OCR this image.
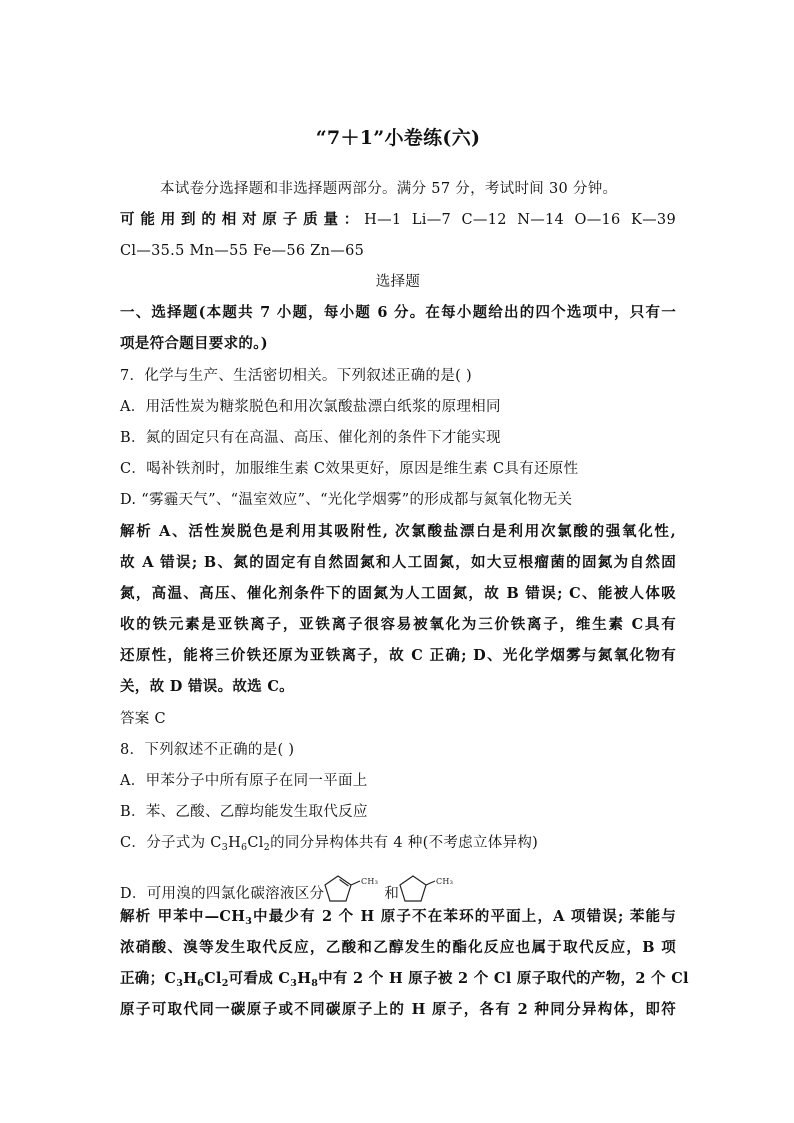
“7＋1”小卷练(六)
本试卷分选择题和非选择题两部分。满分 57 分，考试时间 30 分钟。
可能用到的相对原子质量：H—1 Li—7 C—12 N—14 O—16 K—39
Cl—35.5 Mn—55 Fe—56 Zn—65
选择题
一、选择题(本题共 7 小题，每小题 6 分。在每小题给出的四个选项中，只有一
项是符合题目要求的。)
7．化学与生产、生活密切相关。下列叙述正确的是( )
A．用活性炭为糖浆脱色和用次氯酸盐漂白纸浆的原理相同
B．氮的固定只有在高温、高压、催化剂的条件下才能实现
C．喝补铁剂时，加服维生素 C效果更好，原因是维生素 C具有还原性
D. “雾霾天气”、“温室效应”、“光化学烟雾”的形成都与氮氧化物无关
解析 A、活性炭脱色是利用其吸附性, 次氯酸盐漂白是利用次氯酸的强氧化性,
故 A 错误; B、氮的固定有自然固氮和人工固氮，如大豆根瘤菌的固氮为自然固
氮，高温、高压、催化剂条件下的固氮为人工固氮，故 B 错误; C、能被人体吸
收的铁元素是亚铁离子，亚铁离子很容易被氧化为三价铁离子，维生素 C具有
还原性，能将三价铁还原为亚铁离子，故 C 正确; D、光化学烟雾与氮氧化物有
关，故 D 错误。故选 C。
答案 C
8．下列叙述不正确的是( )
A．甲苯分子中所有原子在同一平面上
B．苯、乙酸、乙醇均能发生取代反应
C．分子式为 $C_3H_6Cl_2$的同分异构体共有 4 种(不考虑立体异构)
D．可用溴的四氯化碳溶液区分
CH₃
和
CH₃
解析 甲苯中$—CH_3$中最少有 2 个 H 原子不在苯环的平面上，A 项错误; 苯能与
浓硝酸、溴等发生取代反应，乙酸和乙醇发生的酯化反应也属于取代反应，B 项
正确；$C_3H_6Cl_2$可看成 $C_3H_8$中有 2 个 H 原子被 2 个 Cl 原子取代的产物，2 个 Cl
原子可取代同一碳原子或不同碳原子上的 H 原子，各有 2 种同分异构体，即符
